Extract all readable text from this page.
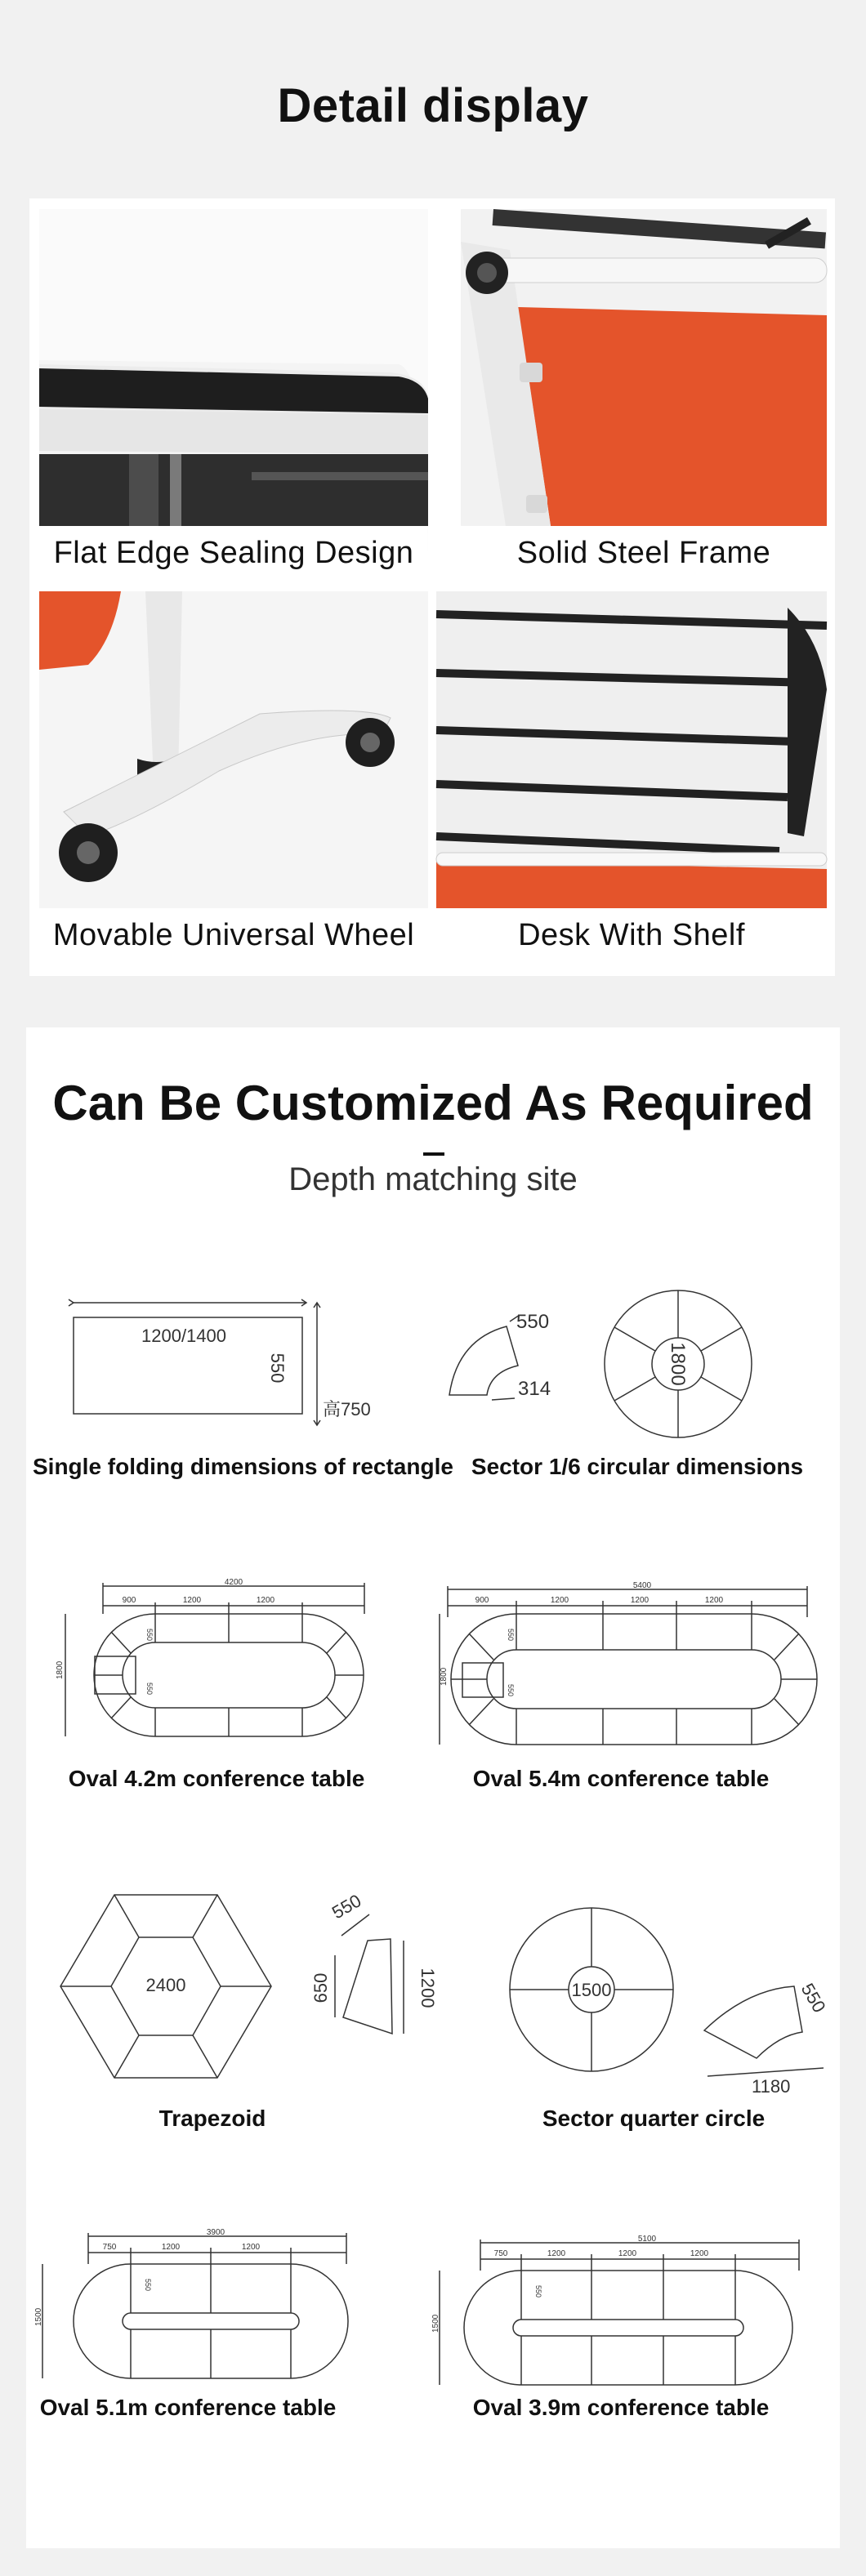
Detail display
Flat Edge Sealing Design	Solid Steel Frame
Movable Universal Wheel	Desk With Shelf
Can Be Customized As Required
Depth matching site
1200/1400
550
高750
Single folding dimensions of rectangle
550
314
1800
Sector 1/6 circular dimensions
4200
900	1200	1200
1800
550
550
Oval 4.2m conference table
5400
900	1200	1200	1200
1800
550
550
Oval 5.4m conference table
2400
550
650	1200
Trapezoid
1500	550
1180
Sector quarter circle
3900
750	1200	1200
1500
550
Oval 5.1m conference table
5100
750	1200	1200	1200
1500
550
Oval 3.9m conference table
